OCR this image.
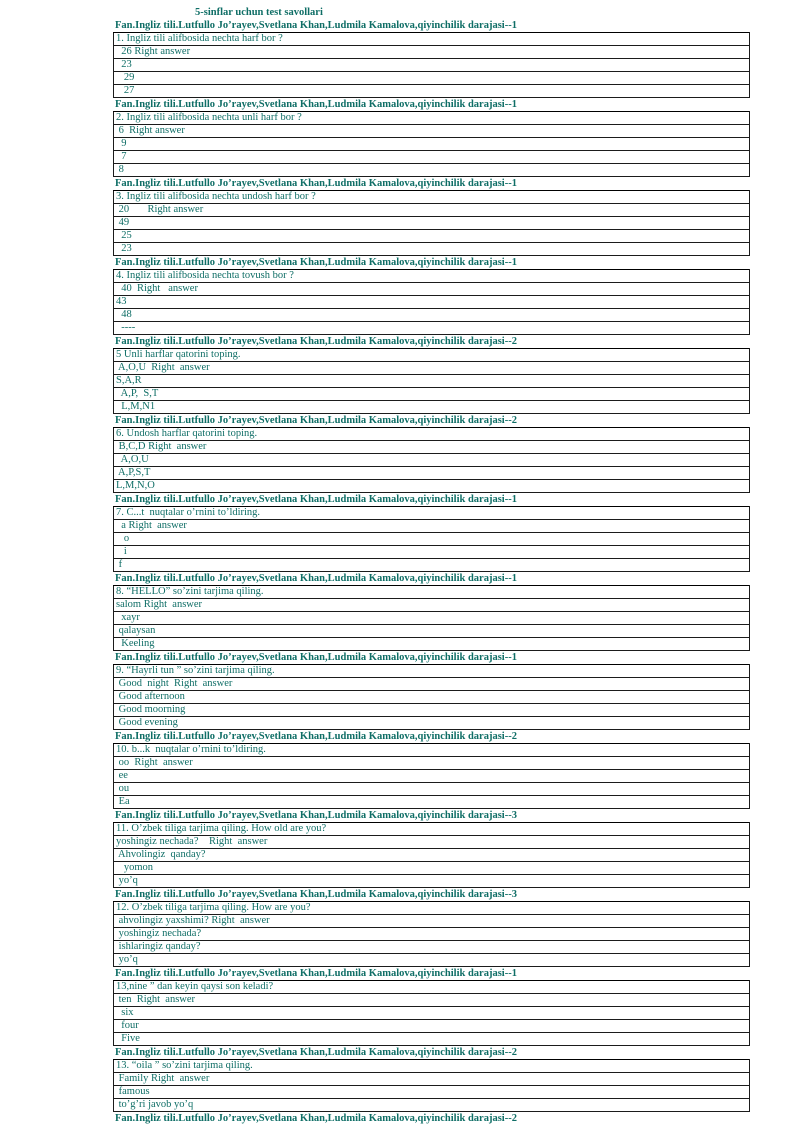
5-sinflar uchun test savollari
Fan.Ingliz tili.Lutfullo Jo’rayev,Svetlana Khan,Ludmila Kamalova,qiyinchilik darajasi--1
1. Ingliz tili alifbosida nechta harf bor ?
26 Right answer
23
29
27
Fan.Ingliz tili.Lutfullo Jo’rayev,Svetlana Khan,Ludmila Kamalova,qiyinchilik darajasi--1
2. Ingliz tili alifbosida nechta unli harf bor ?
6  Right answer
9
7
8
Fan.Ingliz tili.Lutfullo Jo’rayev,Svetlana Khan,Ludmila Kamalova,qiyinchilik darajasi--1
3. Ingliz tili alifbosida nechta undosh harf bor ?
20       Right answer
49
25
23
Fan.Ingliz tili.Lutfullo Jo’rayev,Svetlana Khan,Ludmila Kamalova,qiyinchilik darajasi--1
4. Ingliz tili alifbosida nechta tovush bor ?
40  Right   answer
43
48
----
Fan.Ingliz tili.Lutfullo Jo’rayev,Svetlana Khan,Ludmila Kamalova,qiyinchilik darajasi--2
5 Unli harflar qatorini toping.
A,O,U  Right  answer
S,A,R
A,P,  S,T
L,M,N1
Fan.Ingliz tili.Lutfullo Jo’rayev,Svetlana Khan,Ludmila Kamalova,qiyinchilik darajasi--2
6. Undosh harflar qatorini toping.
B,C,D Right  answer
A,O,U
A,P,S,T
L,M,N,O
Fan.Ingliz tili.Lutfullo Jo’rayev,Svetlana Khan,Ludmila Kamalova,qiyinchilik darajasi--1
7. C...t  nuqtalar o’rnini to’ldiring.
a Right  answer
o
i
f
Fan.Ingliz tili.Lutfullo Jo’rayev,Svetlana Khan,Ludmila Kamalova,qiyinchilik darajasi--1
8. “HELLO” so’zini tarjima qiling.
salom Right  answer
xayr
qalaysan
Keeling
Fan.Ingliz tili.Lutfullo Jo’rayev,Svetlana Khan,Ludmila Kamalova,qiyinchilik darajasi--1
9. “Hayrli tun ” so’zini tarjima qiling.
Good  night  Right  answer
Good afternoon
Good moorning
Good evening
Fan.Ingliz tili.Lutfullo Jo’rayev,Svetlana Khan,Ludmila Kamalova,qiyinchilik darajasi--2
10. b...k  nuqtalar o’rnini to’ldiring.
oo  Right  answer
ee
ou
Ea
Fan.Ingliz tili.Lutfullo Jo’rayev,Svetlana Khan,Ludmila Kamalova,qiyinchilik darajasi--3
11. O’zbek tiliga tarjima qiling. How old are you?
yoshingiz nechada?    Right  answer
Ahvolingiz  qanday?
yomon
yo’q
Fan.Ingliz tili.Lutfullo Jo’rayev,Svetlana Khan,Ludmila Kamalova,qiyinchilik darajasi--3
12. O’zbek tiliga tarjima qiling. How are you?
ahvolingiz yaxshimi? Right  answer
yoshingiz nechada?
ishlaringiz qanday?
yo’q
Fan.Ingliz tili.Lutfullo Jo’rayev,Svetlana Khan,Ludmila Kamalova,qiyinchilik darajasi--1
13,nine ” dan keyin qaysi son keladi?
ten  Right  answer
six
four
Five
Fan.Ingliz tili.Lutfullo Jo’rayev,Svetlana Khan,Ludmila Kamalova,qiyinchilik darajasi--2
13. “oila ” so’zini tarjima qiling.
Family Right  answer
famous
to’g’ri javob yo’q
Fan.Ingliz tili.Lutfullo Jo’rayev,Svetlana Khan,Ludmila Kamalova,qiyinchilik darajasi--2
